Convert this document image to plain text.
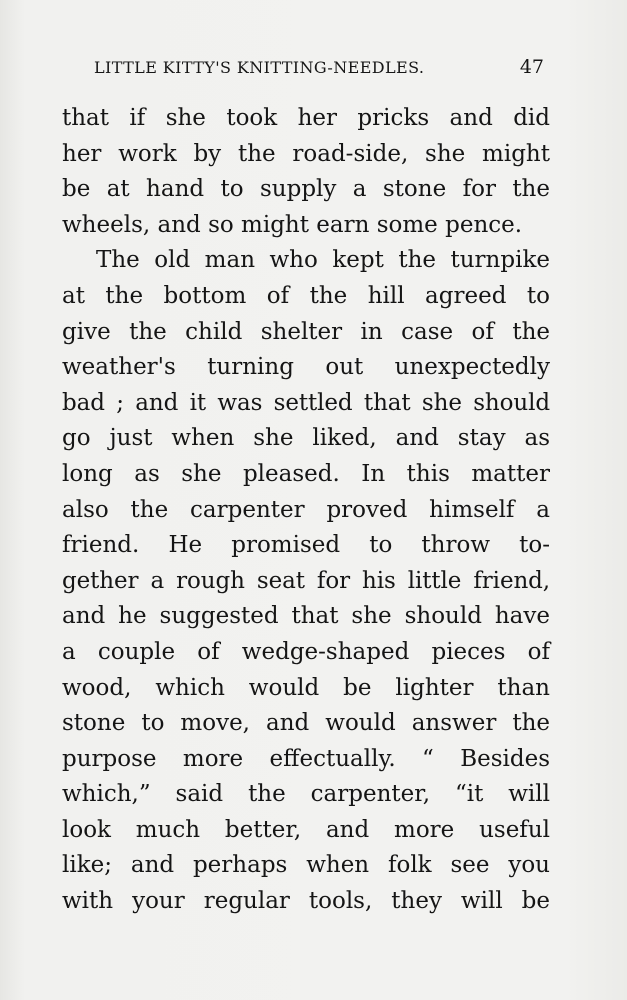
LITTLE KITTY'S KNITTING-NEEDLES.	47
that if she took her pricks and did
her work by the road-side, she might
be at hand to supply a stone for the
wheels, and so might earn some pence.
The old man who kept the turnpike
at the bottom of the hill agreed to
give the child shelter in case of the
weather's turning out unexpectedly
bad ; and it was settled that she should
go just when she liked, and stay as
long as she pleased. In this matter
also the carpenter proved himself a
friend. He promised to throw to-
gether a rough seat for his little friend,
and he suggested that she should have
a couple of wedge-shaped pieces of
wood, which would be lighter than
stone to move, and would answer the
purpose more effectually. “ Besides
which,” said the carpenter, “it will
look much better, and more useful
like; and perhaps when folk see you
with your regular tools, they will be
